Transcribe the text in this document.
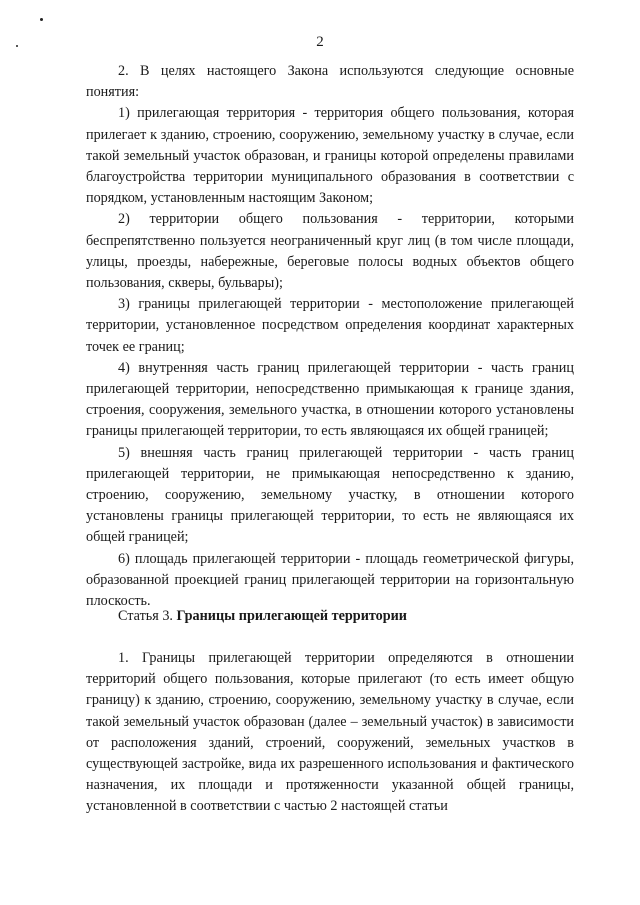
2

2. В целях настоящего Закона используются следующие основные понятия:

1) прилегающая территория - территория общего пользования, которая прилегает к зданию, строению, сооружению, земельному участку в случае, если такой земельный участок образован, и границы которой определены правилами благоустройства территории муниципального образования в соответствии с порядком, установленным настоящим Законом;

2) территории общего пользования - территории, которыми беспрепятственно пользуется неограниченный круг лиц (в том числе площади, улицы, проезды, набережные, береговые полосы водных объектов общего пользования, скверы, бульвары);

3) границы прилегающей территории - местоположение прилегающей территории, установленное посредством определения координат характерных точек ее границ;

4) внутренняя часть границ прилегающей территории - часть границ прилегающей территории, непосредственно примыкающая к границе здания, строения, сооружения, земельного участка, в отношении которого установлены границы прилегающей территории, то есть являющаяся их общей границей;

5) внешняя часть границ прилегающей территории - часть границ прилегающей территории, не примыкающая непосредственно к зданию, строению, сооружению, земельному участку, в отношении которого установлены границы прилегающей территории, то есть не являющаяся их общей границей;

6) площадь прилегающей территории - площадь геометрической фигуры, образованной проекцией границ прилегающей территории на горизонтальную плоскость.

Статья 3. Границы прилегающей территории

1. Границы прилегающей территории определяются в отношении территорий общего пользования, которые прилегают (то есть имеет общую границу) к зданию, строению, сооружению, земельному участку в случае, если такой земельный участок образован (далее – земельный участок) в зависимости от расположения зданий, строений, сооружений, земельных участков в существующей застройке, вида их разрешенного использования и фактического назначения, их площади и протяженности указанной общей границы, установленной в соответствии с частью 2 настоящей статьи
